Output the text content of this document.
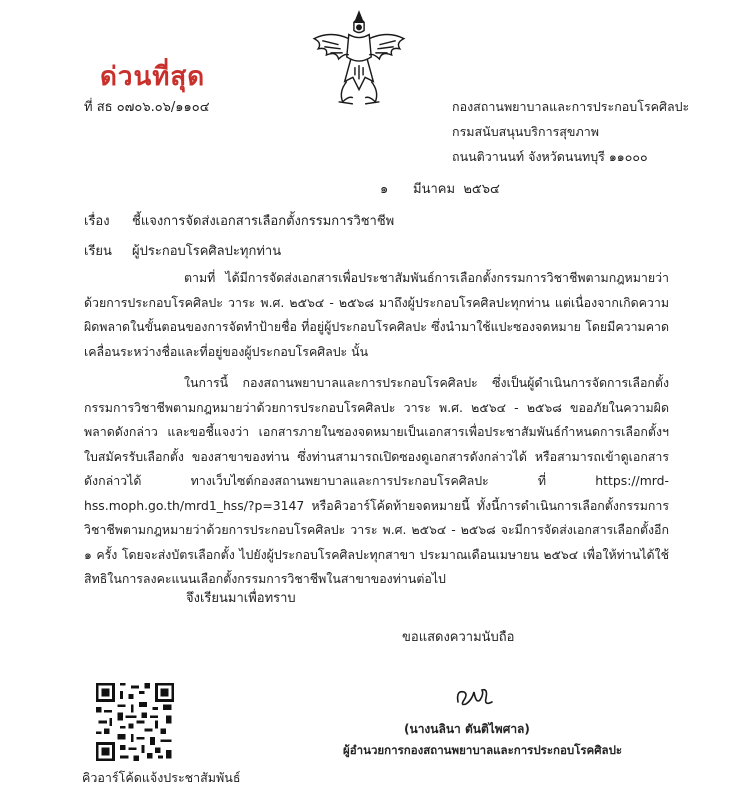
ด่วนที่สุด
ที่ สธ ๐๗๐๖.๐๖/๑๑๐๔	กองสถานพยาบาลและการประกอบโรคศิลปะ
กรมสนับสนุนบริการสุขภาพ
ถนนติวานนท์ จังหวัดนนทบุรี ๑๑๐๐๐
๑      มีนาคม  ๒๕๖๔
เรื่อง ชี้แจงการจัดส่งเอกสารเลือกตั้งกรรมการวิชาชีพ
เรียน ผู้ประกอบโรคศิลปะทุกท่าน
ตามที่ ได้มีการจัดส่งเอกสารเพื่อประชาสัมพันธ์การเลือกตั้งกรรมการวิชาชีพตามกฎหมายว่าด้วยการประกอบโรคศิลปะ วาระ พ.ศ. ๒๕๖๔ - ๒๕๖๘ มาถึงผู้ประกอบโรคศิลปะทุกท่าน แต่เนื่องจากเกิดความผิดพลาดในขั้นตอนของการจัดทำป้ายชื่อ ที่อยู่ผู้ประกอบโรคศิลปะ ซึ่งนำมาใช้แปะซองจดหมาย โดยมีความคาดเคลื่อนระหว่างชื่อและที่อยู่ของผู้ประกอบโรคศิลปะ นั้น
ในการนี้ กองสถานพยาบาลและการประกอบโรคศิลปะ ซึ่งเป็นผู้ดำเนินการจัดการเลือกตั้งกรรมการวิชาชีพตามกฎหมายว่าด้วยการประกอบโรคศิลปะ วาระ พ.ศ. ๒๕๖๔ - ๒๕๖๘ ขออภัยในความผิดพลาดดังกล่าว และขอชี้แจงว่า เอกสารภายในซองจดหมายเป็นเอกสารเพื่อประชาสัมพันธ์กำหนดการเลือกตั้งฯ ใบสมัครรับเลือกตั้ง ของสาขาของท่าน ซึ่งท่านสามารถเปิดซองดูเอกสารดังกล่าวได้ หรือสามารถเข้าดูเอกสารดังกล่าวได้ ทางเว็บไซต์กองสถานพยาบาลและการประกอบโรคศิลปะ ที่ https://mrd-hss.moph.go.th/mrd1_hss/?p=3147 หรือคิวอาร์โค้ดท้ายจดหมายนี้ ทั้งนี้การดำเนินการเลือกตั้งกรรมการวิชาชีพตามกฎหมายว่าด้วยการประกอบโรคศิลปะ วาระ พ.ศ. ๒๕๖๔ - ๒๕๖๘ จะมีการจัดส่งเอกสารเลือกตั้งอีก ๑ ครั้ง โดยจะส่งบัตรเลือกตั้ง ไปยังผู้ประกอบโรคศิลปะทุกสาขา ประมาณเดือนเมษายน ๒๕๖๔ เพื่อให้ท่านได้ใช้สิทธิในการลงคะแนนเลือกตั้งกรรมการวิชาชีพในสาขาของท่านต่อไป
จึงเรียนมาเพื่อทราบ
ขอแสดงความนับถือ
คิวอาร์โค้ดแจ้งประชาสัมพันธ์
(นางนลินา ตันติไพศาล)
ผู้อำนวยการกองสถานพยาบาลและการประกอบโรคศิลปะ
